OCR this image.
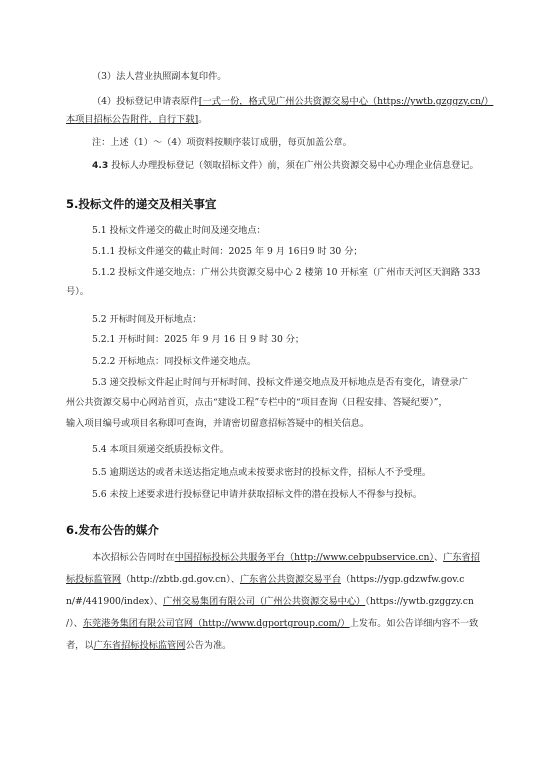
（3）法人营业执照副本复印件。
（4）投标登记申请表原件[一式一份，格式见广州公共资源交易中心（https://ywtb.gzggzy.cn/）
本项目招标公告附件，自行下载]。
注：上述（1）～（4）项资料按顺序装订成册，每页加盖公章。
4.3 投标人办理投标登记（领取招标文件）前，须在广州公共资源交易中心办理企业信息登记。
5.投标文件的递交及相关事宜
5.1 投标文件递交的截止时间及递交地点：
5.1.1 投标文件递交的截止时间：2025 年 9 月 16日9 时 30 分；
5.1.2 投标文件递交地点：广州公共资源交易中心 2 楼第 10 开标室（广州市天河区天润路 333
号）。
5.2 开标时间及开标地点：
5.2.1 开标时间：2025 年 9 月 16 日 9 时 30 分；
5.2.2 开标地点：同投标文件递交地点。
5.3 递交投标文件起止时间与开标时间、投标文件递交地点及开标地点是否有变化，请登录广
州公共资源交易中心网站首页，点击“建设工程”专栏中的“项目查询（日程安排、答疑纪要）”，
输入项目编号或项目名称即可查询，并请密切留意招标答疑中的相关信息。
5.4 本项目须递交纸质投标文件。
5.5 逾期送达的或者未送达指定地点或未按要求密封的投标文件，招标人不予受理。
5.6 未按上述要求进行投标登记申请并获取招标文件的潜在投标人不得参与投标。
6.发布公告的媒介
本次招标公告同时在中国招标投标公共服务平台（http://www.cebpubservice.cn）、广东省招
标投标监管网（http://zbtb.gd.gov.cn）、广东省公共资源交易平台（https://ygp.gdzwfw.gov.c
n/#/441900/index）、广州交易集团有限公司（广州公共资源交易中心）（https://ywtb.gzggzy.cn
/）、东莞港务集团有限公司官网（http://www.dgportgroup.com/）上发布。如公告详细内容不一致
者，以广东省招标投标监管网公告为准。
